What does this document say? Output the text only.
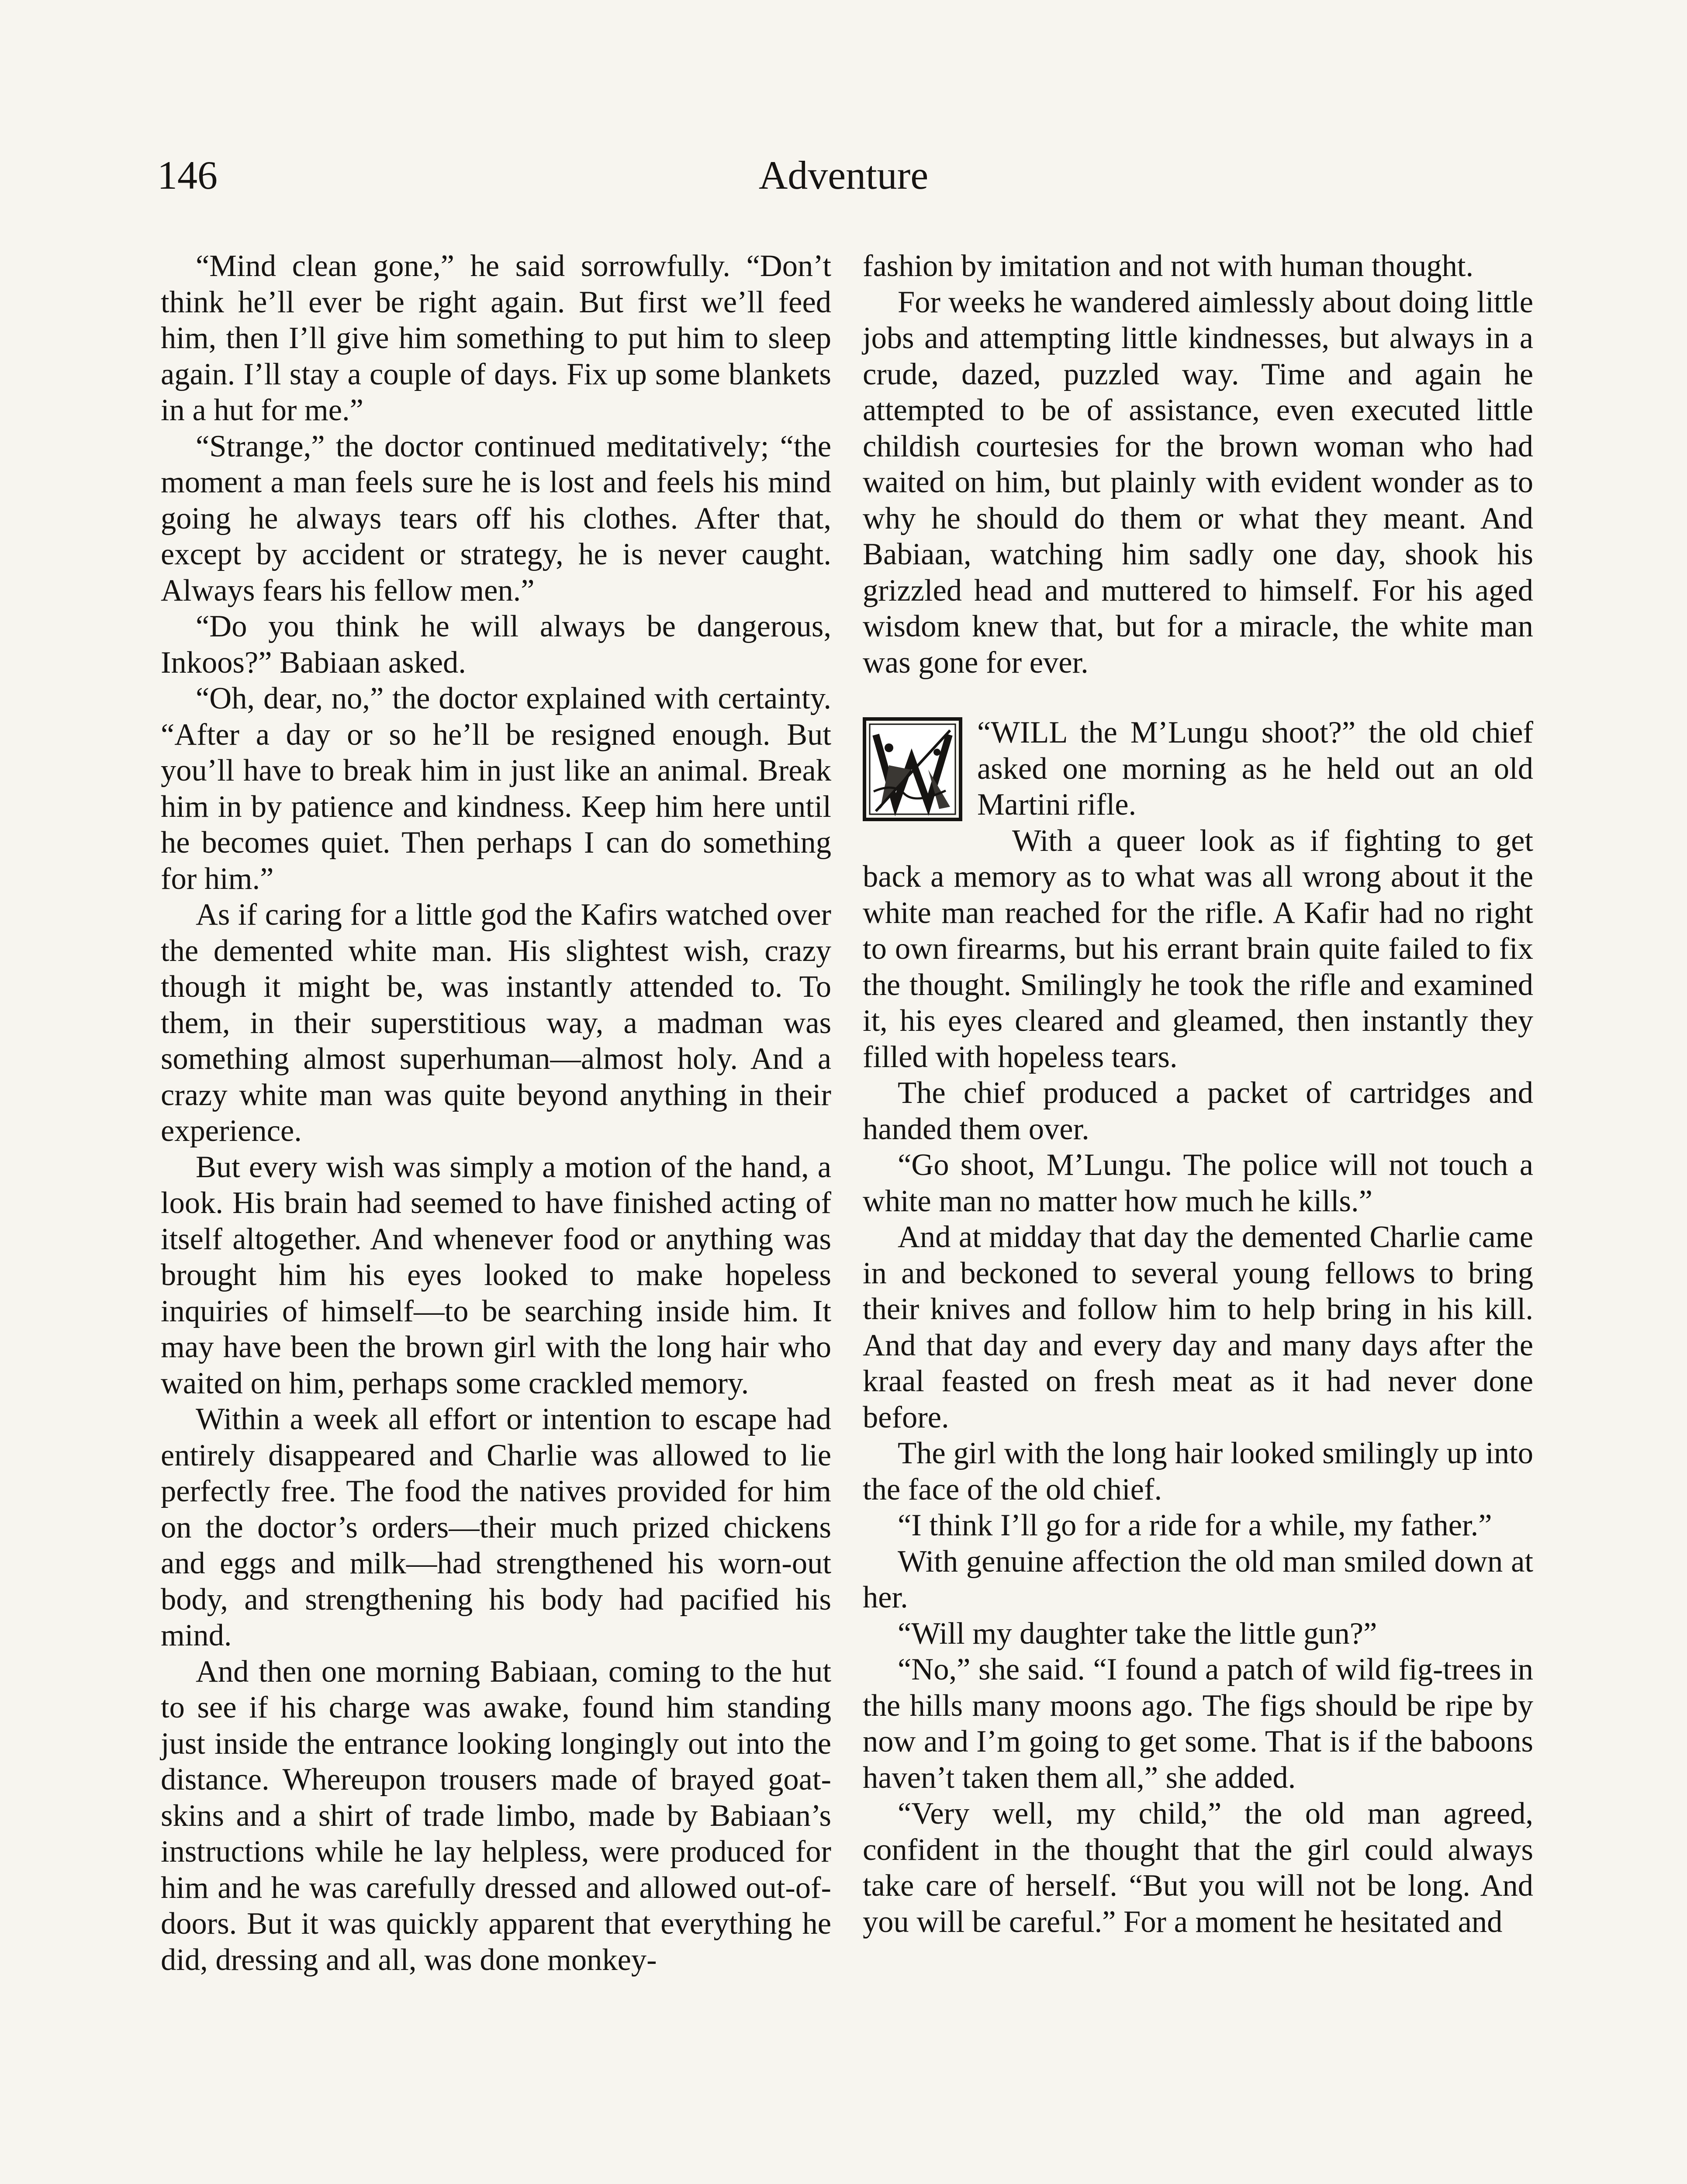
146	Adventure

“Mind clean gone,” he said sorrowfully. “Don’t think he’ll ever be right again. But first we’ll feed him, then I’ll give him something to put him to sleep again. I’ll stay a couple of days. Fix up some blankets in a hut for me.”

“Strange,” the doctor continued meditatively; “the moment a man feels sure he is lost and feels his mind going he always tears off his clothes. After that, except by accident or strategy, he is never caught. Always fears his fellow men.”

“Do you think he will always be dangerous, Inkoos?” Babiaan asked.

“Oh, dear, no,” the doctor explained with certainty. “After a day or so he’ll be resigned enough. But you’ll have to break him in just like an animal. Break him in by patience and kindness. Keep him here until he becomes quiet. Then perhaps I can do something for him.”

As if caring for a little god the Kafirs watched over the demented white man. His slightest wish, crazy though it might be, was instantly attended to. To them, in their superstitious way, a madman was something almost superhuman—almost holy. And a crazy white man was quite beyond anything in their experience.

But every wish was simply a motion of the hand, a look. His brain had seemed to have finished acting of itself altogether. And whenever food or anything was brought him his eyes looked to make hopeless inquiries of himself—to be searching inside him. It may have been the brown girl with the long hair who waited on him, perhaps some crackled memory.

Within a week all effort or intention to escape had entirely disappeared and Charlie was allowed to lie perfectly free. The food the natives provided for him on the doctor’s orders—their much prized chickens and eggs and milk—had strengthened his worn-out body, and strengthening his body had pacified his mind.

And then one morning Babiaan, coming to the hut to see if his charge was awake, found him standing just inside the entrance looking longingly out into the distance. Whereupon trousers made of brayed goat-skins and a shirt of trade limbo, made by Babiaan’s instructions while he lay helpless, were produced for him and he was carefully dressed and allowed out-of-doors. But it was quickly apparent that everything he did, dressing and all, was done monkey-

fashion by imitation and not with human thought.

For weeks he wandered aimlessly about doing little jobs and attempting little kindnesses, but always in a crude, dazed, puzzled way. Time and again he attempted to be of assistance, even executed little childish courtesies for the brown woman who had waited on him, but plainly with evident wonder as to why he should do them or what they meant. And Babiaan, watching him sadly one day, shook his grizzled head and muttered to himself. For his aged wisdom knew that, but for a miracle, the white man was gone for ever.

“WILL the M’Lungu shoot?” the old chief asked one morning as he held out an old Martini rifle.

With a queer look as if fighting to get back a memory as to what was all wrong about it the white man reached for the rifle. A Kafir had no right to own firearms, but his errant brain quite failed to fix the thought. Smilingly he took the rifle and examined it, his eyes cleared and gleamed, then instantly they filled with hopeless tears.

The chief produced a packet of cartridges and handed them over.

“Go shoot, M’Lungu. The police will not touch a white man no matter how much he kills.”

And at midday that day the demented Charlie came in and beckoned to several young fellows to bring their knives and follow him to help bring in his kill. And that day and every day and many days after the kraal feasted on fresh meat as it had never done before.

The girl with the long hair looked smilingly up into the face of the old chief.

“I think I’ll go for a ride for a while, my father.”

With genuine affection the old man smiled down at her.

“Will my daughter take the little gun?”

“No,” she said. “I found a patch of wild fig-trees in the hills many moons ago. The figs should be ripe by now and I’m going to get some. That is if the baboons haven’t taken them all,” she added.

“Very well, my child,” the old man agreed, confident in the thought that the girl could always take care of herself. “But you will not be long. And you will be careful.” For a moment he hesitated and
